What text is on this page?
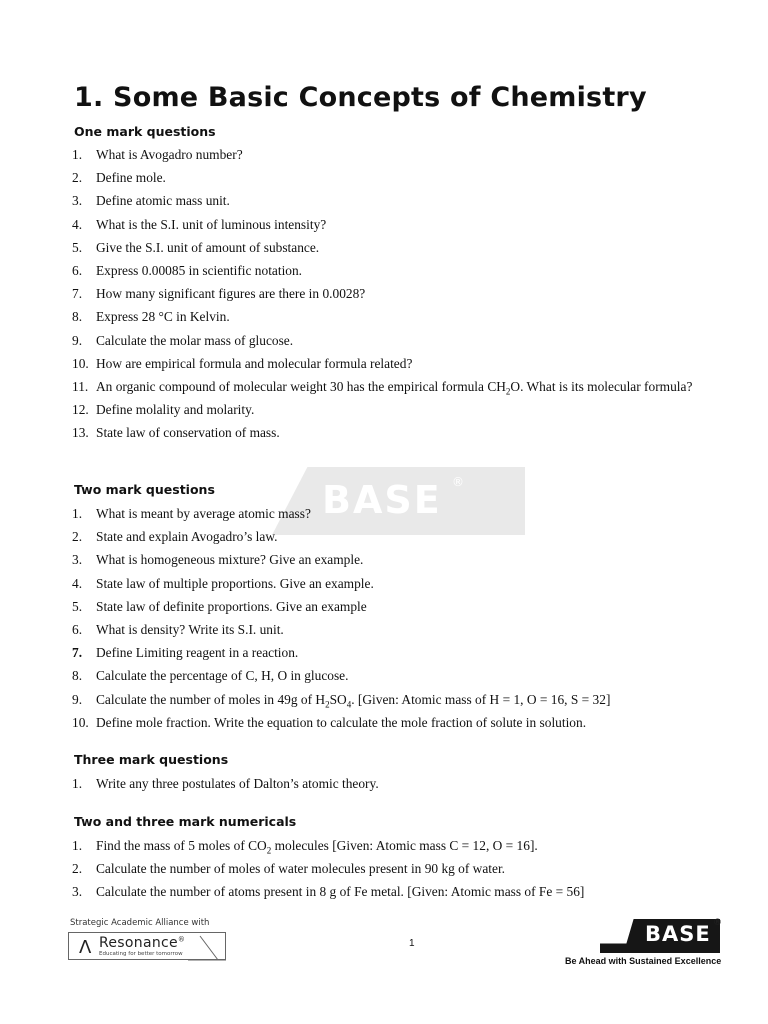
1. Some Basic Concepts of Chemistry
One mark questions
1. What is Avogadro number?
2. Define mole.
3. Define atomic mass unit.
4. What is the S.I. unit of luminous intensity?
5. Give the S.I. unit of amount of substance.
6. Express 0.00085 in scientific notation.
7. How many significant figures are there in 0.0028?
8. Express 28 °C in Kelvin.
9. Calculate the molar mass of glucose.
10. How are empirical formula and molecular formula related?
11. An organic compound of molecular weight 30 has the empirical formula $CH_2O$. What is its molecular formula?
12. Define molality and molarity.
13. State law of conservation of mass.
BASE ®
Two mark questions
1. What is meant by average atomic mass?
2. State and explain Avogadro’s law.
3. What is homogeneous mixture? Give an example.
4. State law of multiple proportions. Give an example.
5. State law of definite proportions. Give an example
6. What is density? Write its S.I. unit.
7. Define Limiting reagent in a reaction.
8. Calculate the percentage of C, H, O in glucose.
9. Calculate the number of moles in 49g of $H_2SO_4$. [Given: Atomic mass of H = 1, O = 16, S = 32]
10. Define mole fraction. Write the equation to calculate the mole fraction of solute in solution.
Three mark questions
1. Write any three postulates of Dalton’s atomic theory.
Two and three mark numericals
1. Find the mass of 5 moles of $CO_2$ molecules [Given: Atomic mass C = 12, O = 16].
2. Calculate the number of moles of water molecules present in 90 kg of water.
3. Calculate the number of atoms present in 8 g of Fe metal. [Given: Atomic mass of Fe = 56]
Strategic Academic Alliance with
Λ Resonance®
Educating for better tomorrow
1	BASE ®
Be Ahead with Sustained Excellence
